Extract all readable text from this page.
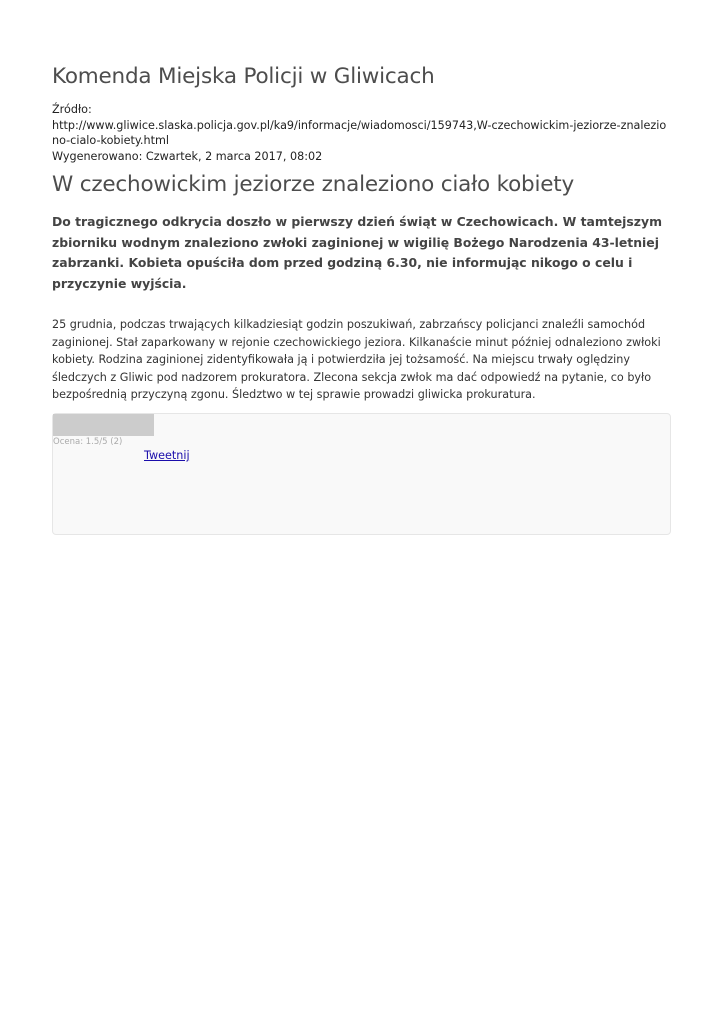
Komenda Miejska Policji w Gliwicach
Źródło:
http://www.gliwice.slaska.policja.gov.pl/ka9/informacje/wiadomosci/159743,W-czechowickim-jeziorze-znaleziono-cialo-kobiety.html
Wygenerowano: Czwartek, 2 marca 2017, 08:02
W czechowickim jeziorze znaleziono ciało kobiety
Do tragicznego odkrycia doszło w pierwszy dzień świąt w Czechowicach. W tamtejszym zbiorniku wodnym znaleziono zwłoki zaginionej w wigilię Bożego Narodzenia 43-letniej zabrzanki. Kobieta opuściła dom przed godziną 6.30, nie informując nikogo o celu i przyczynie wyjścia.
25 grudnia, podczas trwających kilkadziesiąt godzin poszukiwań, zabrzańscy policjanci znaleźli samochód zaginionej. Stał zaparkowany w rejonie czechowickiego jeziora. Kilkanaście minut później odnaleziono zwłoki kobiety. Rodzina zaginionej zidentyfikowała ją i potwierdziła jej tożsamość. Na miejscu trwały oględziny śledczych z Gliwic pod nadzorem prokuratora. Zlecona sekcja zwłok ma dać odpowiedź na pytanie, co było bezpośrednią przyczyną zgonu. Śledztwo w tej sprawie prowadzi gliwicka prokuratura.
Ocena: 1.5/5 (2)
Tweetnij
